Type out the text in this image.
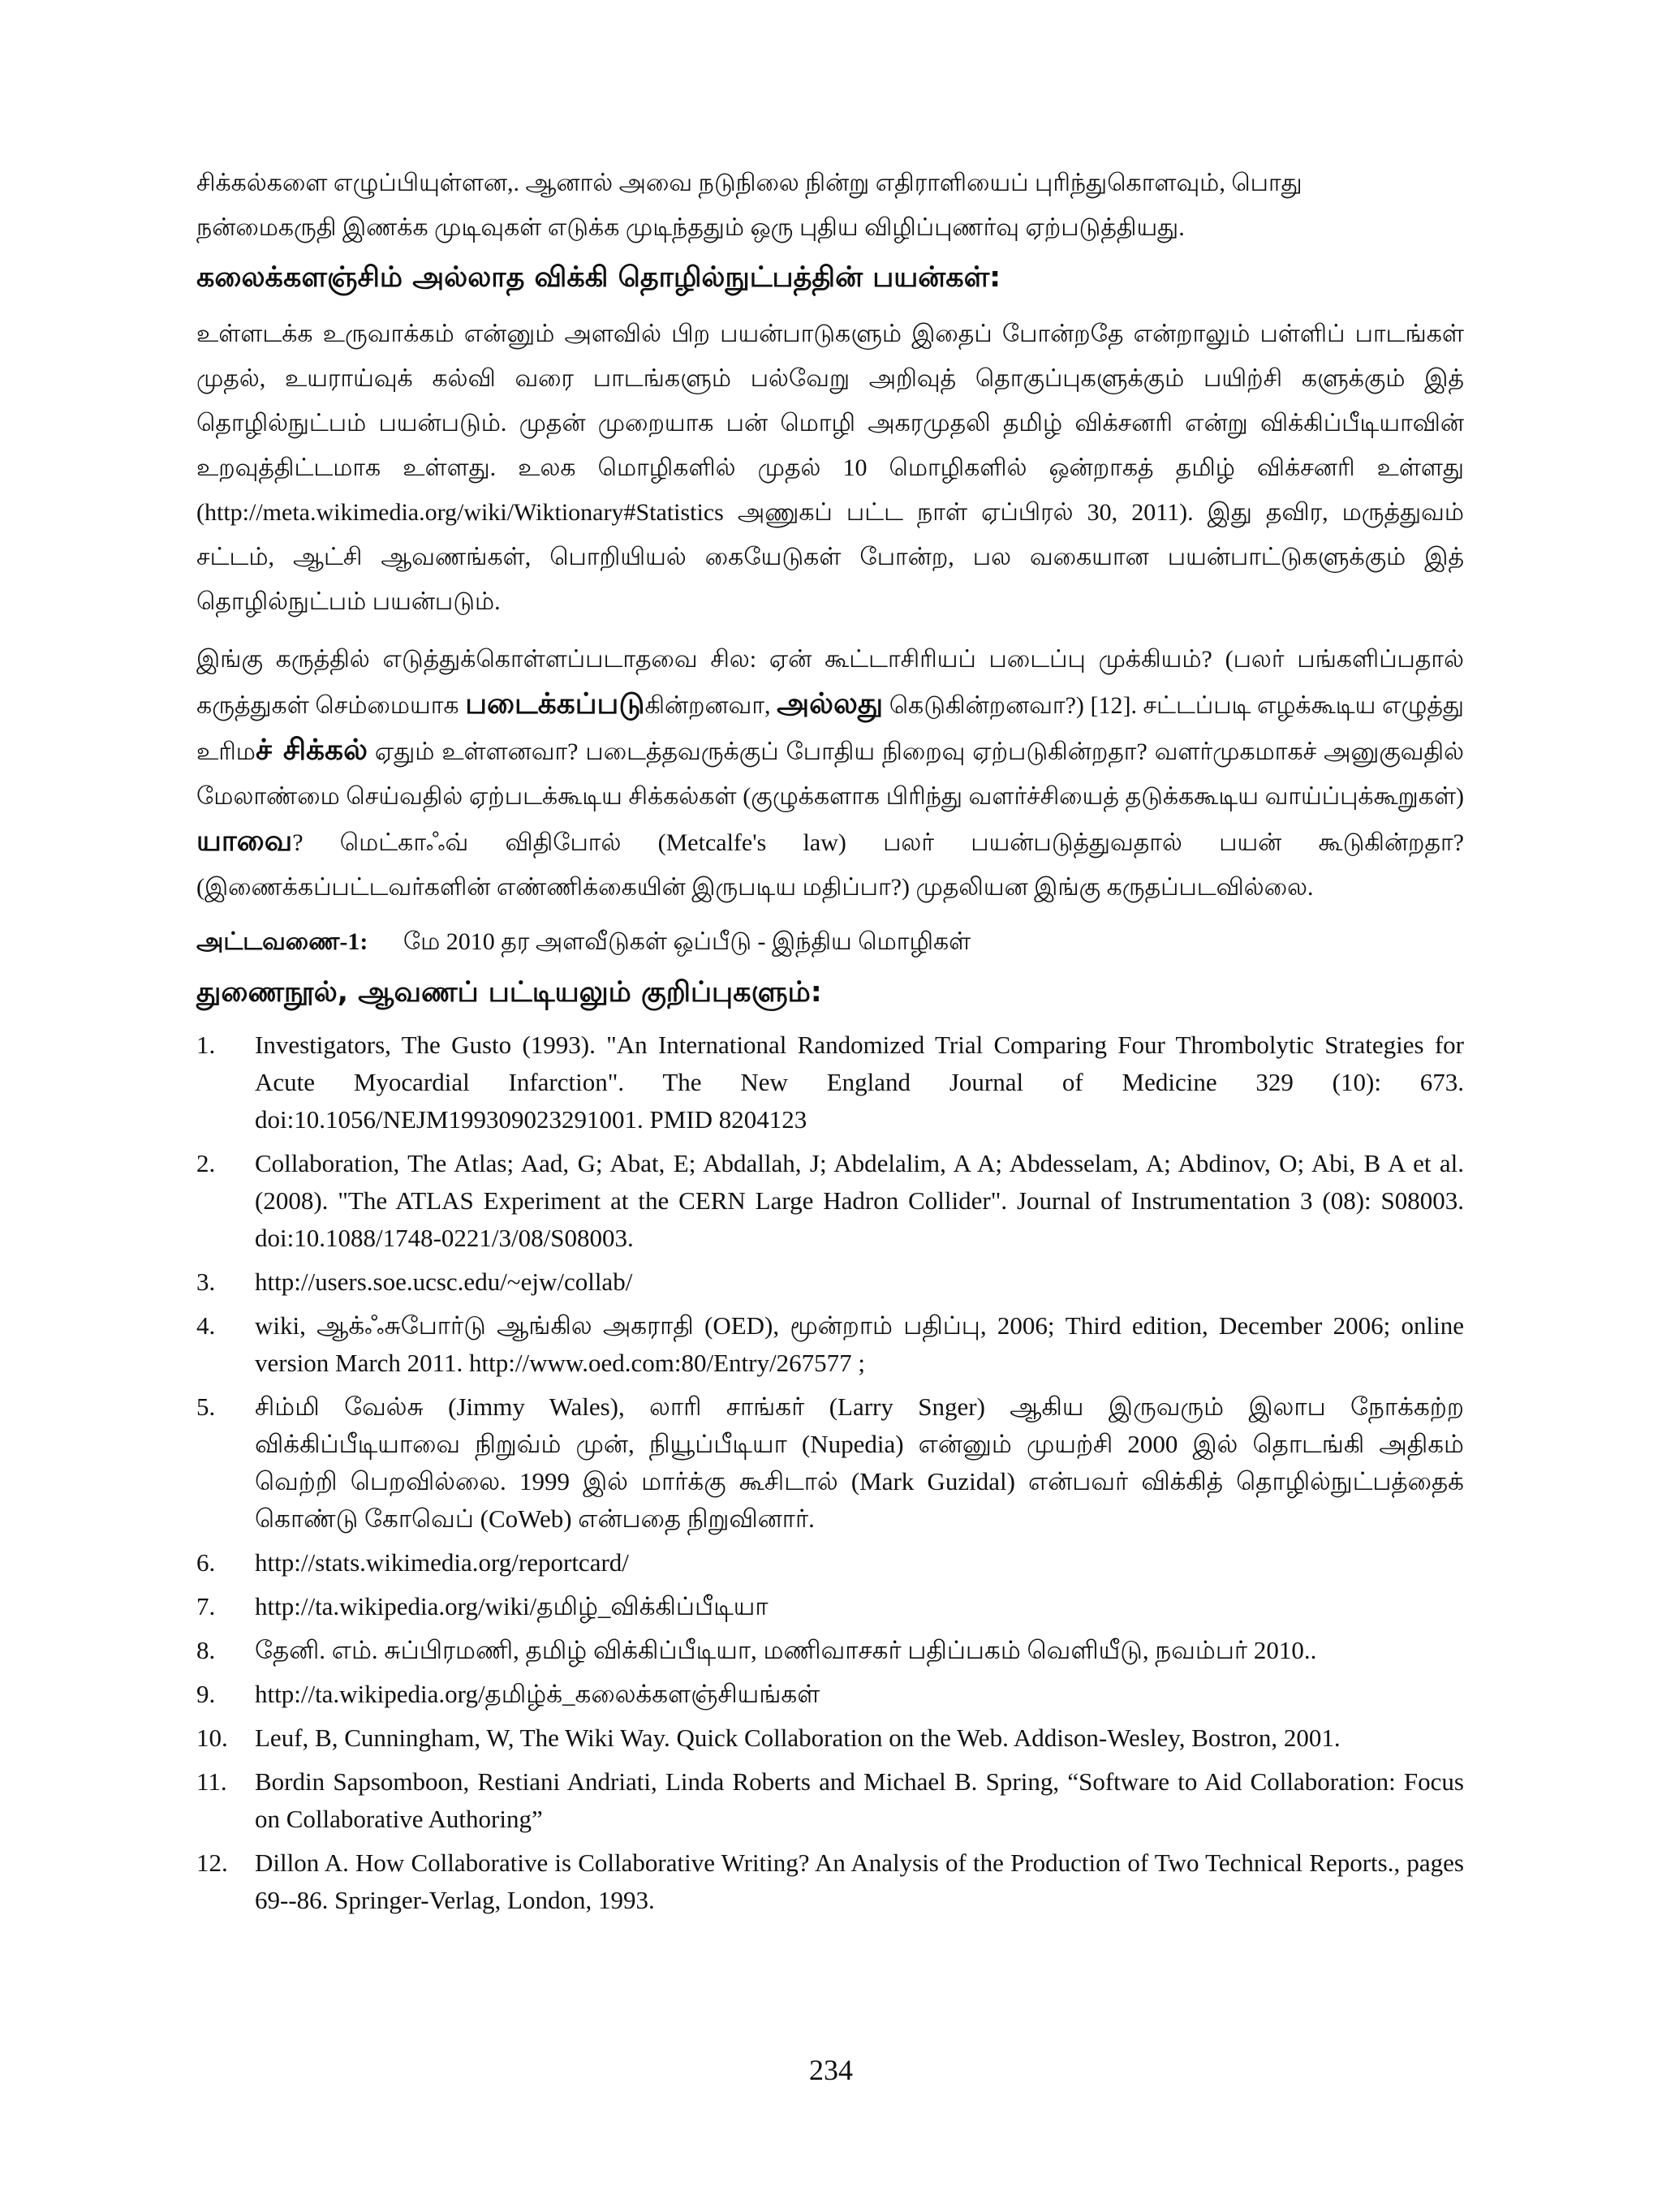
சிக்கல்களை எழுப்பியுள்ளன,. ஆனால் அவை நடுநிலை நின்று எதிராளியைப் புரிந்துகொளவும், பொது
நன்மைகருதி இணக்க முடிவுகள் எடுக்க முடிந்ததும் ஒரு புதிய விழிப்புணர்வு ஏற்படுத்தியது.

கலைக்களஞ்சிம் அல்லாத விக்கி தொழில்நுட்பத்தின் பயன்கள்:

உள்ளடக்க உருவாக்கம் என்னும் அளவில் பிற பயன்பாடுகளும் இதைப் போன்றதே என்றாலும் பள்ளிப் பாடங்கள் முதல், உயராய்வுக் கல்வி வரை பாடங்களும் பல்வேறு அறிவுத் தொகுப்புகளுக்கும் பயிற்சி களுக்கும் இத் தொழில்நுட்பம் பயன்படும். முதன் முறையாக பன் மொழி அகரமுதலி தமிழ் விக்சனரி என்று விக்கிப்பீடியாவின் உறவுத்திட்டமாக உள்ளது. உலக மொழிகளில் முதல் 10 மொழிகளில் ஒன்றாகத் தமிழ் விக்சனரி உள்ளது (http://meta.wikimedia.org/wiki/Wiktionary#Statistics அணுகப் பட்ட நாள் ஏப்பிரல் 30, 2011). இது தவிர, மருத்துவம் சட்டம், ஆட்சி ஆவணங்கள், பொறியியல் கையேடுகள் போன்ற, பல வகையான பயன்பாட்டுகளுக்கும் இத் தொழில்நுட்பம் பயன்படும்.

இங்கு கருத்தில் எடுத்துக்கொள்ளப்படாதவை சில: ஏன் கூட்டாசிரியப் படைப்பு முக்கியம்? (பலர் பங்களிப்பதால் கருத்துகள் செம்மையாக படைக்கப்படுகின்றனவா, அல்லது கெடுகின்றனவா?) [12]. சட்டப்படி எழக்கூடிய எழுத்து உரிமச் சிக்கல் ஏதும் உள்ளனவா? படைத்தவருக்குப் போதிய நிறைவு ஏற்படுகின்றதா? வளர்முகமாகச் அனுகுவதில் மேலாண்மை செய்வதில் ஏற்படக்கூடிய சிக்கல்கள் (குழுக்களாக பிரிந்து வளர்ச்சியைத் தடுக்ககூடிய வாய்ப்புக்கூறுகள்) யாவை? மெட்காஃவ் விதிபோல் (Metcalfe's law) பலர் பயன்படுத்துவதால் பயன் கூடுகின்றதா? (இணைக்கப்பட்டவர்களின் எண்ணிக்கையின் இருபடிய மதிப்பா?) முதலியன இங்கு கருதப்படவில்லை.

அட்டவணை-1: மே 2010 தர அளவீடுகள் ஒப்பீடு - இந்திய மொழிகள்
துணைநூல், ஆவணப் பட்டியலும் குறிப்புகளும்:
1.	Investigators, The Gusto (1993). "An International Randomized Trial Comparing Four Thrombolytic Strategies for Acute Myocardial Infarction". The New England Journal of Medicine 329 (10): 673. doi:10.1056/NEJM199309023291001. PMID 8204123
2.	Collaboration, The Atlas; Aad, G; Abat, E; Abdallah, J; Abdelalim, A A; Abdesselam, A; Abdinov, O; Abi, B A et al. (2008). "The ATLAS Experiment at the CERN Large Hadron Collider". Journal of Instrumentation 3 (08): S08003. doi:10.1088/1748-0221/3/08/S08003.
3.	http://users.soe.ucsc.edu/~ejw/collab/
4.	wiki, ஆக்ஃசுபோர்டு ஆங்கில அகராதி (OED), மூன்றாம் பதிப்பு, 2006; Third edition, December 2006; online version March 2011. http://www.oed.com:80/Entry/267577 ;
5.	சிம்மி வேல்சு (Jimmy Wales), லாரி சாங்கர் (Larry Snger) ஆகிய இருவரும் இலாப நோக்கற்ற விக்கிப்பீடியாவை நிறுவ்ம் முன், நியூப்பீடியா (Nupedia) என்னும் முயற்சி 2000 இல் தொடங்கி அதிகம் வெற்றி பெறவில்லை. 1999 இல் மார்க்கு கூசிடால் (Mark Guzidal) என்பவர் விக்கித் தொழில்நுட்பத்தைக் கொண்டு கோவெப் (CoWeb) என்பதை நிறுவினார்.
6.	http://stats.wikimedia.org/reportcard/
7.	http://ta.wikipedia.org/wiki/தமிழ்_விக்கிப்பீடியா
8.	தேனி. எம். சுப்பிரமணி, தமிழ் விக்கிப்பீடியா, மணிவாசகர் பதிப்பகம் வெளியீடு, நவம்பர் 2010..
9.	http://ta.wikipedia.org/தமிழ்க்_கலைக்களஞ்சியங்கள்
10.	Leuf, B, Cunningham, W, The Wiki Way. Quick Collaboration on the Web. Addison-Wesley, Bostron, 2001.
11.	Bordin Sapsomboon, Restiani Andriati, Linda Roberts and Michael B. Spring, “Software to Aid Collaboration: Focus on Collaborative Authoring”
12.	Dillon A. How Collaborative is Collaborative Writing? An Analysis of the Production of Two Technical Reports., pages 69--86. Springer-Verlag, London, 1993.
234
